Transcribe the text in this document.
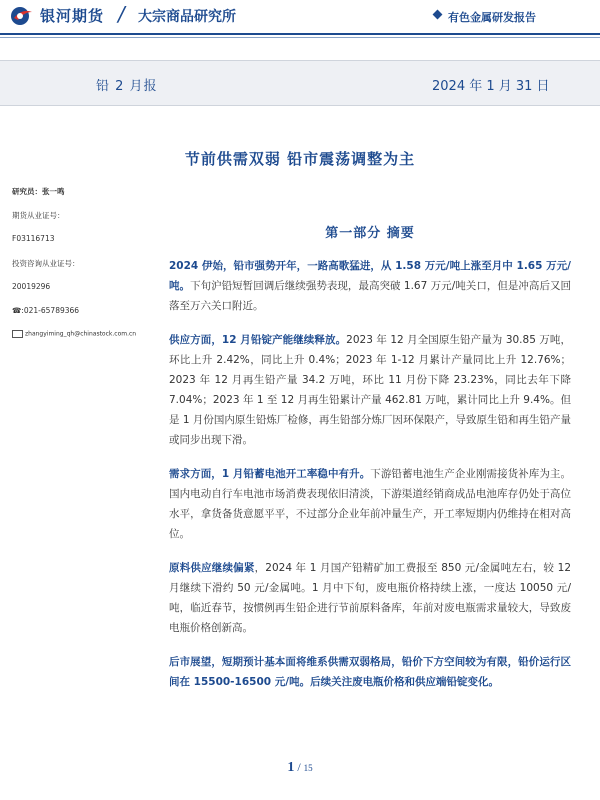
银河期货 / 大宗商品研究所	有色金属研发报告
铅 2 月报	2024 年 1 月 31 日
节前供需双弱 铅市震荡调整为主
研究员：张一鸣
期货从业证号：
F03116713
投资咨询从业证号：
20019296
☎:021-65789366
zhangyiming_qh@chinastock.com.cn
第一部分 摘要

2024 伊始，铅市强势开年，一路高歌猛进，从 1.58 万元/吨上涨至月中 1.65 万元/吨。下旬沪铅短暂回调后继续强势表现，最高突破 1.67 万元/吨关口，但是冲高后又回落至万六关口附近。

供应方面，12 月铅锭产能继续释放。2023 年 12 月全国原生铅产量为 30.85 万吨，环比上升 2.42%，同比上升 0.4%；2023 年 1-12 月累计产量同比上升 12.76%；2023 年 12 月再生铅产量 34.2 万吨，环比 11 月份下降 23.23%，同比去年下降 7.04%；2023 年 1 至 12 月再生铅累计产量 462.81 万吨，累计同比上升 9.4%。但是 1 月份国内原生铅炼厂检修，再生铅部分炼厂因环保限产，导致原生铅和再生铅产量或同步出现下滑。

需求方面，1 月铅蓄电池开工率稳中有升。下游铅蓄电池生产企业刚需接货补库为主。国内电动自行车电池市场消费表现依旧清淡，下游渠道经销商成品电池库存仍处于高位水平，拿货备货意愿平平，不过部分企业年前冲量生产，开工率短期内仍维持在相对高位。

原料供应继续偏紧，2024 年 1 月国产铅精矿加工费报至 850 元/金属吨左右，较 12 月继续下滑约 50 元/金属吨。1 月中下旬，废电瓶价格持续上涨，一度达 10050 元/吨，临近春节，按惯例再生铅企进行节前原料备库，年前对废电瓶需求量较大，导致废电瓶价格创新高。

后市展望，短期预计基本面将维系供需双弱格局，铅价下方空间较为有限，铅价运行区间在 15500-16500 元/吨。后续关注废电瓶价格和供应端铅锭变化。

1 / 15
